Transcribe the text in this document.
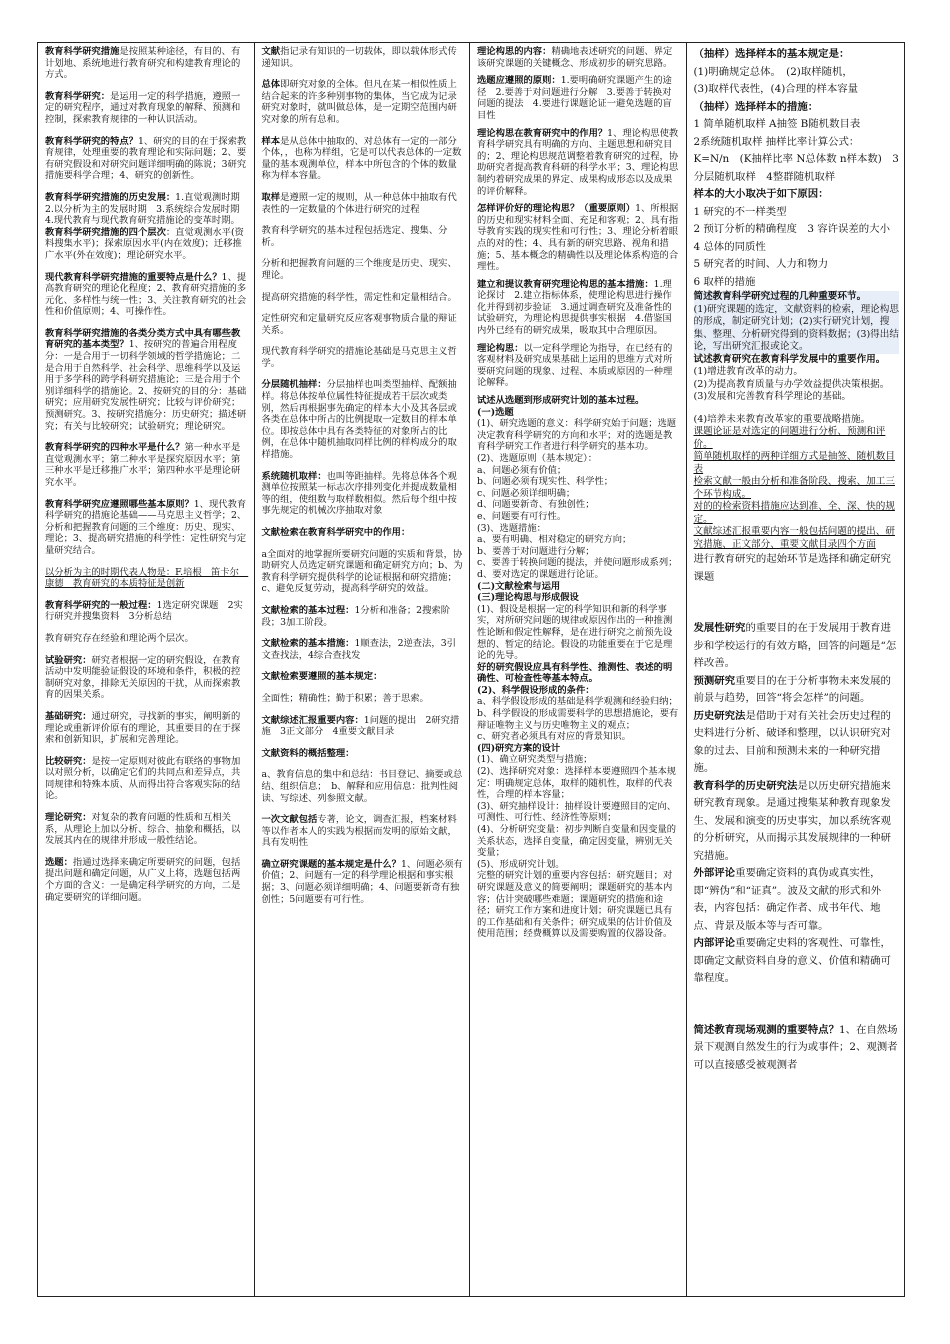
教育科学研究措施是按照某种途径，有目的、有计划地、系统地进行教育研究和构建教育理论的方式。
教育科学研究：是运用一定的科学措施，遵照一定的研究程序，通过对教育现象的解释、预测和控制，探索教育规律的一种认识活动。
教育科学研究的特点？1、研究的目的在于探索教育规律，处理重要的教育理论和实际问题；2、要有研究假设和对研究问题详细明确的陈说；3研究措施要科学合理；4、研究的创新性。
教育科学研究措施的历史发展：1.直觉观测时期　2.以分析为主的发展时期　3.系统综合发展时期　4.现代教育与现代教育研究措施论的变革时期。教育科学研究措施的四个层次：直觉观测水平(资料搜集水平)；探索原因水平(内在效度)；迁移推广水平(外在效度)；理论研究水平。
现代教育科学研究措施的重要特点是什么？1、提高教育研究的理论化程度；2、教育研究措施的多元化、多样性与统一性；3、关注教育研究的社会性和价值原则；4、可操作性。
教育科学研究措施的各类分类方式中具有哪些教育研究的基本类型？1、按研究的普遍合用程度分：一是合用于一切科学领域的哲学措施论；二是合用于自然科学、社会科学、思维科学以及运用于多学科的跨学科研究措施论；三是合用于个别详细科学的措施论。2、按研究的目的分：基础研究；应用研究发展性研究；比较与评价研究；预测研究。3、按研究措施分：历史研究；描述研究；有关与比较研究；试验研究；理论研究。
教育科学研究的四种水平是什么？第一种水平是直觉观测水平；第二种水平是探究原因水平；第三种水平是迁移推广水平；第四种水平是理论研究水平。
教育科学研究应遵照哪些基本原则？1、现代教育科学研究的措施论基础——马克思主义哲学；2、分析和把握教育问题的三个维度：历史、现实、理论；3、提高研究措施的科学性：定性研究与定量研究结合。
以分析为主的时期代表人物是：F.培根　笛卡尔　康德　教育研究的本质特征是创新
教育科学研究的一般过程：1选定研究课题　2实行研究并搜集资料　3分析总结
教育研究存在经验和理论两个层次。
试验研究：研究者根据一定的研究假设，在教育活动中发明能验证假设的环境和条件，积极的控制研究对象，排除无关原因的干扰，从而探索教育的因果关系。
基础研究：通过研究，寻找新的事实，阐明新的理论或重新评价原有的理论，其重要目的在于探索和创新知识，扩展和完善理论。
比较研究：是按一定原则对彼此有联络的事物加以对照分析，以确定它们的共同点和差异点，共同规律和特殊本质、从而得出符合客观实际的结论。
理论研究：对复杂的教育问题的性质和互相关系，从理论上加以分析、综合、抽象和概括，以发展其内在的规律并形成一般性结论。
选题：指通过选择来确定所要研究的问题，包括提出问题和确定问题，从广义上将，选题包括两个方面的含义：一是确定科学研究的方向，二是确定要研究的详细问题。
文献指记录有知识的一切载体，即以载体形式传递知识。
总体即研究对象的全体。但凡在某一相似性质上结合起来的许多种别事物的集体，当它成为记录研究对象时，就叫做总体，是一定期空范围内研究对象的所有总和。
样本是从总体中抽取的、对总体有一定的一部分个体，，也称为样组，它是可以代表总体的一定数量的基本观测单位，样本中所包含的个体的数量称为样本容量。
取样是遵照一定的规则，从一种总体中抽取有代表性的一定数量的个体进行研究的过程
教育科学研究的基本过程包括选定、搜集、分析。
分析和把握教育问题的三个维度是历史、现实、理论。
提高研究措施的科学性，需定性和定量相结合。
定性研究和定量研究反应客观事物质合量的辩证关系。
现代教育科学研究的措施论基础是马克思主义哲学。
分层随机抽样：分层抽样也叫类型抽样、配额抽样。将总体按单位属性特征提成若干层次或类别，然后再根据事先确定的样本大小及其各层或各类在总体中所占的比例提取一定数目的样本单位。即按总体中具有各类特征的对象所占的比例，在总体中随机抽取同样比例的样构成分的取样措施。
系统随机取样：也叫等距抽样。先将总体各个观测单位按照某一标志次序排列变化并提成数量相等的组，使组数与取样数相似。然后每个组中按事先规定的机械次序抽取对象
文献检索在教育科学研究中的作用：
a全面对的地掌握所要研究问题的实质和背景，协助研究人员选定研究课题和确定研究方向；b、为教育科学研究提供科学的论证根据和研究措施；c、避免反复劳动，提高科学研究的效益。
文献检索的基本过程：1分析和准备；2搜索阶段；3加工阶段。
文献检索的基本措施：1顺查法，2逆查法，3引文查找法，4综合查找发
文献检索要遵照的基本规定：
全面性；精确性；勤于积累；善于思索。
文献综述汇报重要内容：1问题的提出　2研究措施　3正文部分　4重要文献目录
文献资料的概括整理：
a、教育信息的集中和总结：书目登记、摘要或总结、组织信息；　b、解释和应用信息：批判性阅读、写综述、列参照文献。
一次文献包括专著，论文，调查汇报，档案材料等以作者本人的实践为根据而发明的原始文献，具有发明性
确立研究课题的基本规定是什么？1、问题必须有价值；2、问题有一定的科学理论根据和事实根据；3、问题必须详细明确；4、问题要新奇有独创性；5问题要有可行性。
理论构思的内容：精确地表述研究的问题、界定该研究课题的关键概念、形成初步的研究思路。
选题应遵照的原则：1.要明确研究课题产生的途径　2.要善于对问题进行分解　3.要善于转换对问题的提法　4.要进行课题论证一避免选题的盲目性
理论构思在教育研究中的作用？1、理论构思使教育科学研究具有明确的方向、主题思想和研究目的；2、理论构思规范调整着教育研究的过程，协助研究者提高教育科研的科学水平；3、理论构思制约着研究成果的界定、成果构成形态以及成果的评价解释。
怎样评价好的理论构思？（重要原则）1、所根据的历史和现实材料全面、充足和客观；2、具有指导教育实践的现实性和可行性；3、理论分析着眼点的对的性；4、具有新的研究思路、视角和措施；5、基本概念的精确性以及理论体系构造的合理性。
建立和提议教育研究理论构思的基本措施：1.理论探讨　2.建立指标体系，使理论构思进行操作化并得到初步验证　3.通过调查研究及准备性的试验研究，为理论构思提供事实根据　4.借鉴国内外已经有的研究成果，吸取其中合理原因。
理论构思：以一定科学理论为指导，在已经有的客观材料及研究成果基础上运用的思维方式对所要研究问题的现象、过程、本质或原因的一种理论解释。
试述从选题到形成研究计划的基本过程。
(一)选题
(1)、研究选题的意义：科学研究始于问题；选题决定教育科学研究的方向和水平；对的选题是教育科学研究工作者进行科学研究的基本功。
(2)、选题原则（基本规定）：
a、问题必须有价值；
b、问题必须有现实性、科学性；
c、问题必须详细明确；
d、问题要新奇、有独创性；
e、问题要有可行性。
(3)、选题措施：
a、要有明确、相对稳定的研究方向；
b、要善于对问题进行分解；
c、要善于转换问题的提法，并使问题形成系列；
d、要对选定的课题进行论证。
(二)文献检索与运用
(三)理论构思与形成假设
(1)、假设是根据一定的科学知识和新的科学事实，对所研究问题的规律或原因作出的一种推测性论断和假定性解释，是在进行研究之前预先设想的、暂定的结论。假设的功能重要在于它是理论的先导。
好的研究假设应具有科学性、推测性、表述的明确性、可检查性等基本特点。
(2)、科学假设形成的条件：
a、科学假设形成的基础是科学观测和经验归纳；
b、科学假设的形成需要科学的思想措施论，要有辩证唯物主义与历史唯物主义的观点；
c、研究者必须具有对应的背景知识。
(四)研究方案的设计
(1)、确立研究类型与措施；
(2)、选择研究对象：选择样本要遵照四个基本规定：明确规定总体，取样的随机性，取样的代表性，合理的样本容量；
(3)、研究抽样设计：抽样设计要遵照目的定向、可测性、可行性、经济性等原则；
(4)、分析研究变量：初步判断自变量和因变量的关系状态，选择自变量，确定因变量，辨别无关变量；
(5)、形成研究计划。
完整的研究计划的重要内容包括：研究题目；对研究课题及意义的简要阐明；课题研究的基本内容；估计突破哪些难题；课题研究的措施和途径；研究工作方案和进度计划；研究课题已具有的工作基础和有关条件；研究成果的估计价值及使用范围；经费概算以及需要购置的仪器设备。
（抽样）选择样本的基本规定是：
(1)明确规定总体。　(2)取样随机，
(3)取样代表性，(4)合理的样本容量
（抽样）选择样本的措施：
1 简单随机取样 A抽签 B随机数目表
2系统随机取样 抽样比率计算公式：
K=N/n　(K抽样比率 N总体数 n样本数)　3分层随机取样　4整群随机取样
样本的大小取决于如下原因：
1 研究的不一样类型
2 预订分析的精确程度　3 容许误差的大小　4 总体的同质性
5 研究者的时间、人力和物力
6 取样的措施
简述教育科学研究过程的几种重要环节。
(1)研究课题的选定，文献资料的检索，理论构思的形成，制定研究计划；(2)实行研究计划，搜集、整理、分析研究得到的资料数据；(3)得出结论，写出研究汇报或论文。
试述教育研究在教育科学发展中的重要作用。
(1)增进教育改革的动力。
(2)为提高教育质量与办学效益提供决策根据。
(3)发展和完善教育科学理论的基础。
(4)培养未来教育改革家的重要战略措施。
课题论证是对选定的问题进行分析、预测和评价。
简单随机取样的两种详细方式是抽签、随机数目表
检索文献一般由分析和准备阶段、搜索、加工三个环节构成。
对的的检索资料措施应达到准、全、深、快的规定。
文献综述汇报重要内容一般包括问题的提出、研究措施、正文部分、重要文献目录四个方面
进行教育研究的起始环节是选择和确定研究课题
发展性研究的重要目的在于发展用于教育进步和学校运行的有效方略，回答的问题是“怎样改善。
预测研究重要目的在于分析事物未来发展的前景与趋势，回答“将会怎样”的问题。
历史研究法是借助于对有关社会历史过程的史料进行分析、破译和整理，以认识研究对象的过去、目前和预测未来的一种研究措施。
教育科学的历史研究法是以历史研究措施来研究教育现象。是通过搜集某种教育现象发生、发展和演变的历史事实，加以系统客观的分析研究，从而揭示其发展规律的一种研究措施。
外部评论重要确定资料的真伪或真实性，即“辨伪”和“证真”。波及文献的形式和外表，内容包括：确定作者、成书年代、地点、背景及版本等与否可靠。
内部评论重要确定史料的客观性、可靠性，即确定文献资料自身的意义、价值和精确可靠程度。
简述教育现场观测的重要特点？1、在自然场景下观测自然发生的行为或事件；2、观测者可以直接感受被观测者
